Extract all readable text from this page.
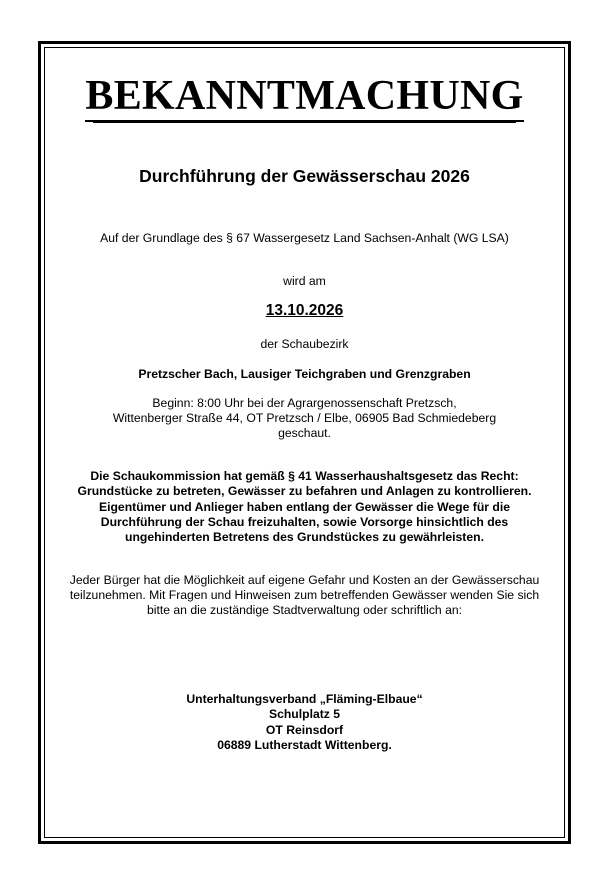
BEKANNTMACHUNG
Durchführung der Gewässerschau 2026
Auf der Grundlage des § 67 Wassergesetz Land Sachsen-Anhalt (WG LSA)
wird am
13.10.2026
der Schaubezirk
Pretzscher Bach, Lausiger Teichgraben und Grenzgraben
Beginn: 8:00 Uhr bei der Agrargenossenschaft Pretzsch,
Wittenberger Straße 44, OT Pretzsch / Elbe, 06905 Bad Schmiedeberg
geschaut.
Die Schaukommission hat gemäß § 41 Wasserhaushaltsgesetz das Recht:
Grundstücke zu betreten, Gewässer zu befahren und Anlagen zu kontrollieren.
Eigentümer und Anlieger haben entlang der Gewässer die Wege für die
Durchführung der Schau freizuhalten, sowie Vorsorge hinsichtlich des
ungehinderten Betretens des Grundstückes zu gewährleisten.
Jeder Bürger hat die Möglichkeit auf eigene Gefahr und Kosten an der Gewässerschau
teilzunehmen. Mit Fragen und Hinweisen zum betreffenden Gewässer wenden Sie sich
bitte an die zuständige Stadtverwaltung oder schriftlich an:
Unterhaltungsverband „Fläming-Elbaue“
Schulplatz 5
OT Reinsdorf
06889 Lutherstadt Wittenberg.
